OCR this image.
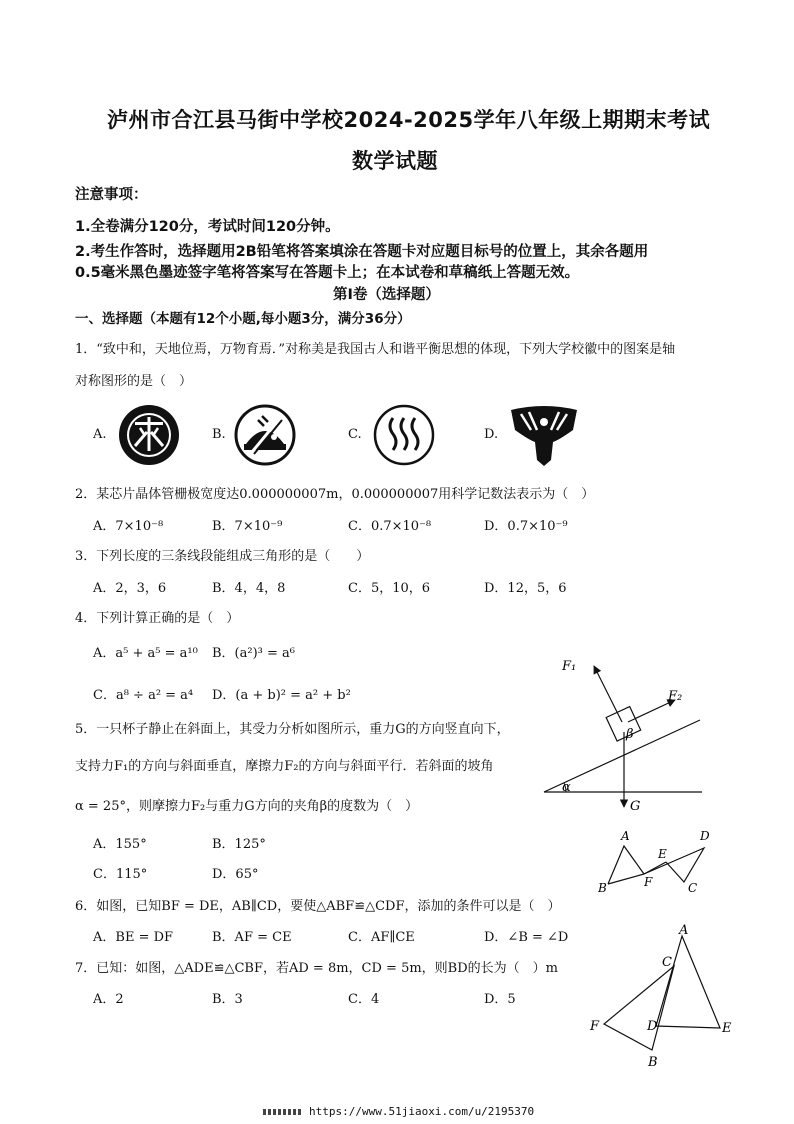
泸州市合江县马街中学校2024-2025学年八年级上期期末考试
数学试题
注意事项：
1.全卷满分120分，考试时间120分钟。
2.考生作答时，选择题用2B铅笔将答案填涂在答题卡对应题目标号的位置上，其余各题用
0.5毫米黑色墨迹签字笔将答案写在答题卡上；在本试卷和草稿纸上答题无效。
第Ⅰ卷（选择题）
一、选择题（本题有12个小题,每小题3分，满分36分）
1．“致中和，天地位焉，万物育焉．”对称美是我国古人和谐平衡思想的体现，下列大学校徽中的图案是轴
对称图形的是（　）
A.	B.	C.	D.
2．某芯片晶体管栅极宽度达0.000000007m，0.000000007用科学记数法表示为（　）
A．7×10⁻⁸	B．7×10⁻⁹	C．0.7×10⁻⁸	D．0.7×10⁻⁹
3．下列长度的三条线段能组成三角形的是（　　）
A．2，3，6	B．4，4，8	C．5，10，6	D．12，5，6
4．下列计算正确的是（　）
A．a⁵ + a⁵ = a¹⁰ B．(a²)³ = a⁶
C．a⁸ ÷ a² = a⁴ D．(a + b)² = a² + b²
5．一只杯子静止在斜面上，其受力分析如图所示，重力G的方向竖直向下，
支持力F₁的方向与斜面垂直，摩擦力F₂的方向与斜面平行．若斜面的坡角
α = 25°，则摩擦力F₂与重力G方向的夹角β的度数为（　）
A．155°	B．125°
C．115°	D．65°
F₁
F₂
β
α
G
A
B	C
D
E
F
6．如图，已知BF = DE，AB∥CD，要使△ABF≌△CDF，添加的条件可以是（　）
A．BE = DF	B．AF = CE	C．AF∥CE	D．∠B = ∠D
7．已知：如图，△ADE≌△CBF，若AD = 8m，CD = 5m，则BD的长为（　）m
A．2	B．3	C．4	D．5
A
C
F	D	E
B
https://www.51jiaoxi.com/u/2195370
